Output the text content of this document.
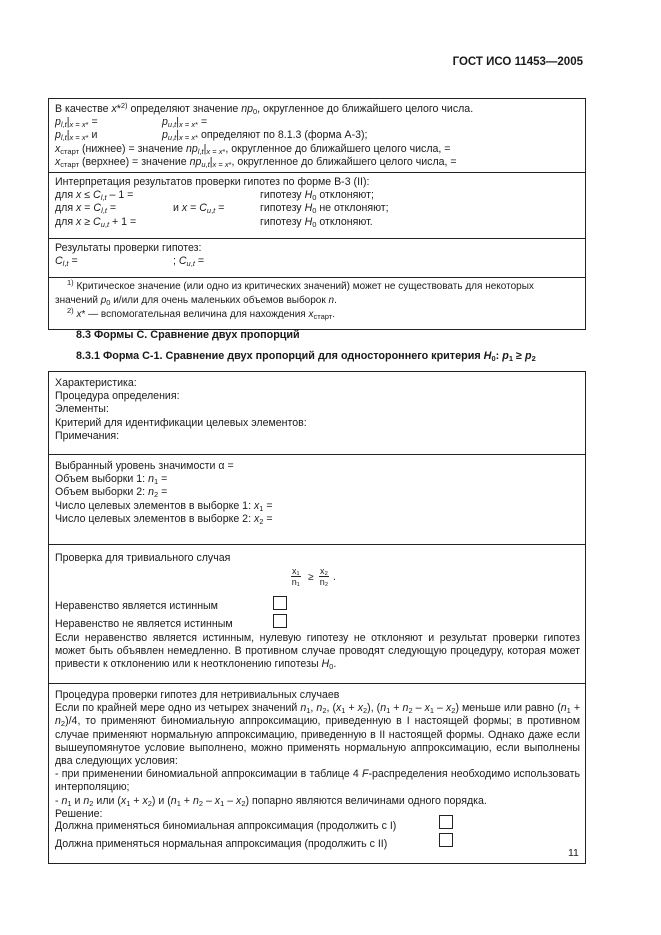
ГОСТ ИСО 11453—2005
В качестве x*$^{2)}$ определяют значение $np_0$, округленное до ближайшего целого числа.
$p_{l,t}|_{x = x*}$ =	$p_{u,t}|_{x = x*}$ =
$p_{l,t}|_{x = x*}$ и	$p_{u,t}|_{x = x*}$ определяют по 8.1.3 (форма А-3);
$x_{старт}$ (нижнее) = значение $np_{l,t}|_{x = x*}$, округленное до ближайшего целого числа, =
$x_{старт}$ (верхнее) = значение $np_{u,t}|_{x = x*}$, округленное до ближайшего целого числа, =
Интерпретация результатов проверки гипотез по форме В-3 (II):
для $x \le C_{l,t} - 1$ =	гипотезу $H_0$ отклоняют;
для $x = C_{l,t}$ =	и $x = C_{u,t}$ =	гипотезу $H_0$ не отклоняют;
для $x \ge C_{u,t} + 1$ =	гипотезу $H_0$ отклоняют.
Результаты проверки гипотез:
$C_{l,t}$ =	; $C_{u,t}$ =
$^{1)}$ Критическое значение (или одно из критических значений) может не существовать для некоторых
значений $p_0$ и/или для очень маленьких объемов выборок n.
$^{2)}$ x* — вспомогательная величина для нахождения $x_{старт}$.
8.3 Формы С. Сравнение двух пропорций
8.3.1 Форма С-1. Сравнение двух пропорций для одностороннего критерия $H_0$: $p_1 \ge p_2$
Характеристика:
Процедура определения:
Элементы:
Критерий для идентификации целевых элементов:
Примечания:
Выбранный уровень значимости α =
Объем выборки 1: $n_1$ =
Объем выборки 2: $n_2$ =
Число целевых элементов в выборке 1: $x_1$ =
Число целевых элементов в выборке 2: $x_2$ =
Проверка для тривиального случая
$\frac{\text{x₁}}{\text{n₁}} \ge \frac{\text{x₂}}{\text{n₂}}$ .
Неравенство является истинным
Неравенство не является истинным
Если неравенство является истинным, нулевую гипотезу не отклоняют и результат проверки гипотез может быть объявлен немедленно. В противном случае проводят следующую процедуру, которая может привести к отклонению или к неотклонению гипотезы $H_0$.
Процедура проверки гипотез для нетривиальных случаев
Если по крайней мере одно из четырех значений $n_1$, $n_2$, $(x_1 + x_2)$, $(n_1 + n_2 - x_1 - x_2)$ меньше или равно $(n_1 + n_2)/4$, то применяют биномиальную аппроксимацию, приведенную в I настоящей формы; в противном случае применяют нормальную аппроксимацию, приведенную в II настоящей формы. Однако даже если вышеупомянутое условие выполнено, можно применять нормальную аппроксимацию, если выполнены два следующих условия:
- при применении биномиальной аппроксимации в таблице 4 F-распределения необходимо использовать интерполяцию;
- $n_1$ и $n_2$ или $(x_1 + x_2)$ и $(n_1 + n_2 - x_1 - x_2)$ попарно являются величинами одного порядка.
Решение:
Должна применяться биномиальная аппроксимация (продолжить с I)
Должна применяться нормальная аппроксимация (продолжить с II)
11
